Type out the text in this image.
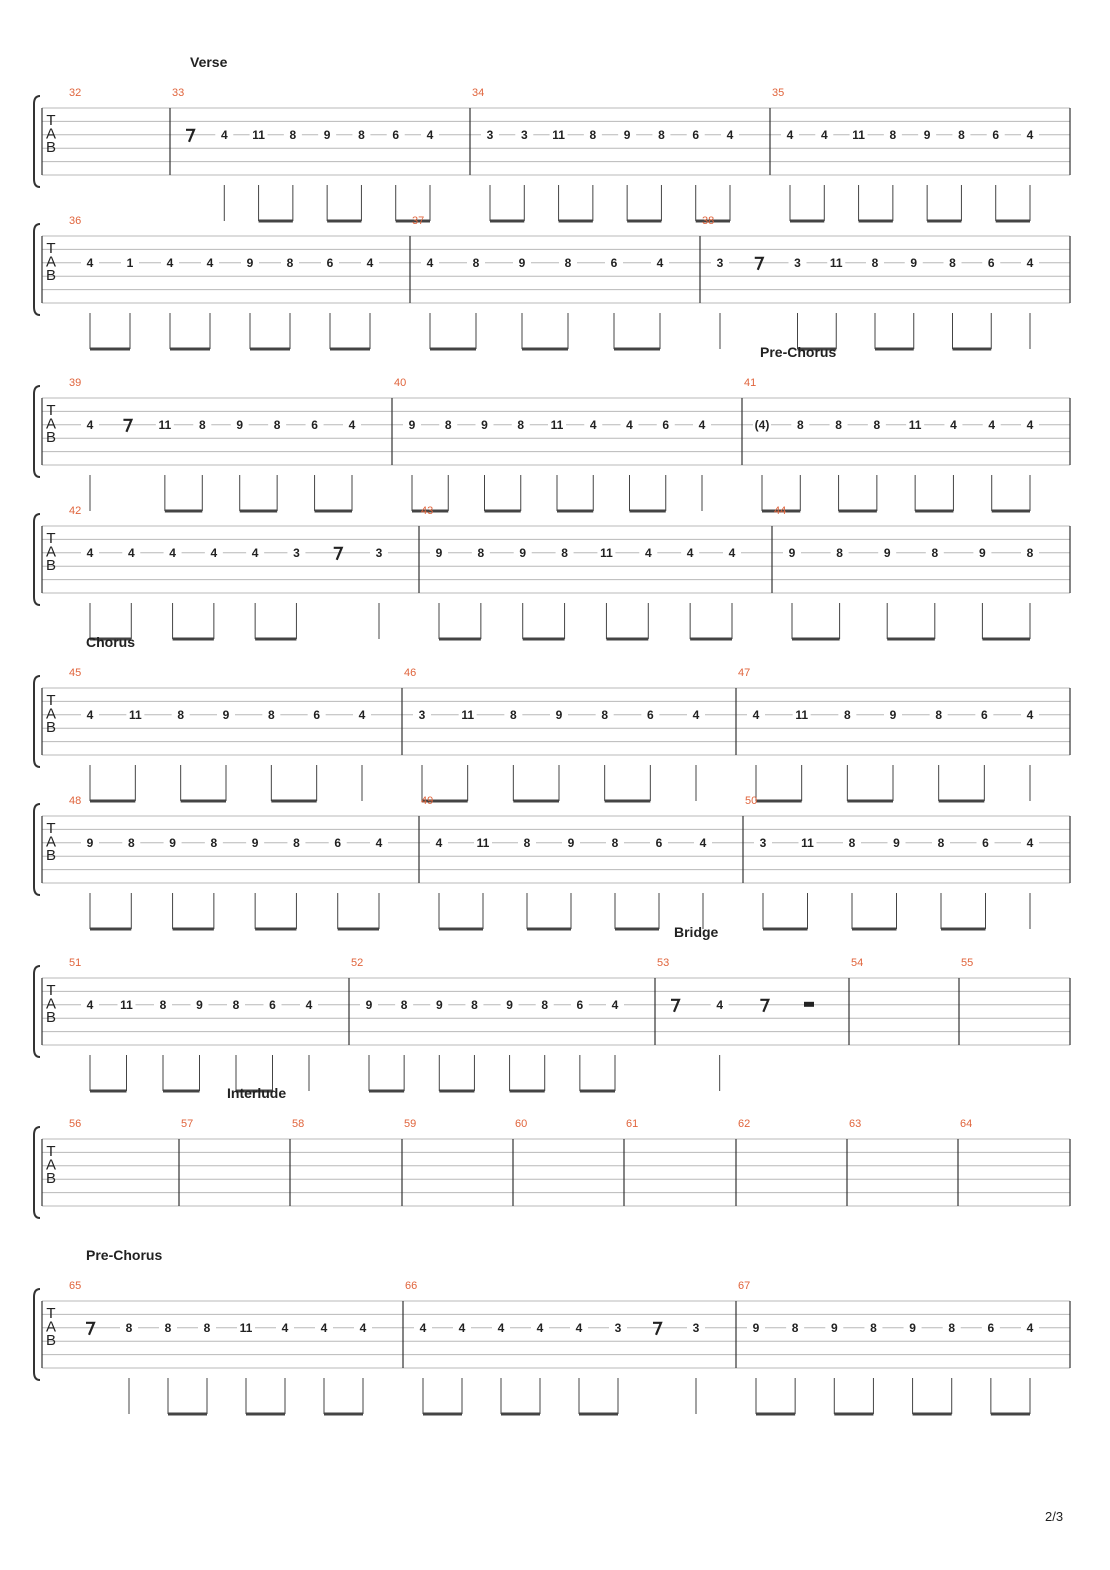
Verse
T
A
B
32	33
4 11 8 9 8 6 4
34
3 3 11 8 9 8 6 4
35
4 4 11 8 9 8 6 4
T
A
B
36
4	1	4	4	9	8	6	4
37
4	8	9	8	6	4
38
3	3 11 8	9	8	6	4
Pre-Chorus
T
A
B
39
4	11 8	9	8	6	4
40
9 8 9 8 11 4 4 6 4
41
(4) 8	8	8 11 4	4	4
T
A
B
42
4	4	4	4	4	3	3
43
9	8	9	8	11	4	4	4
44
9	8	9	8	9	8
Chorus
T
A
B
45
4	11	8	9	8	6	4
46
3	11	8	9	8	6	4
47
4	11	8	9	8	6	4
T
A
B
48
9	8	9	8	9	8	6	4
49
4	11	8	9	8	6	4
50
3	11	8	9	8	6	4
Bridge
T
A
B
51
4 11 8 9 8 6 4
52
9 8 9 8 9 8 6 4
53
4
54	55
Interlude
T
A
B
56	57	58	59	60	61	62	63	64
Pre-Chorus
T
A
B
65
8	8	8 11 4	4	4
66
4	4	4	4	4	3	3
67
9	8	9	8	9	8	6	4
2/3
